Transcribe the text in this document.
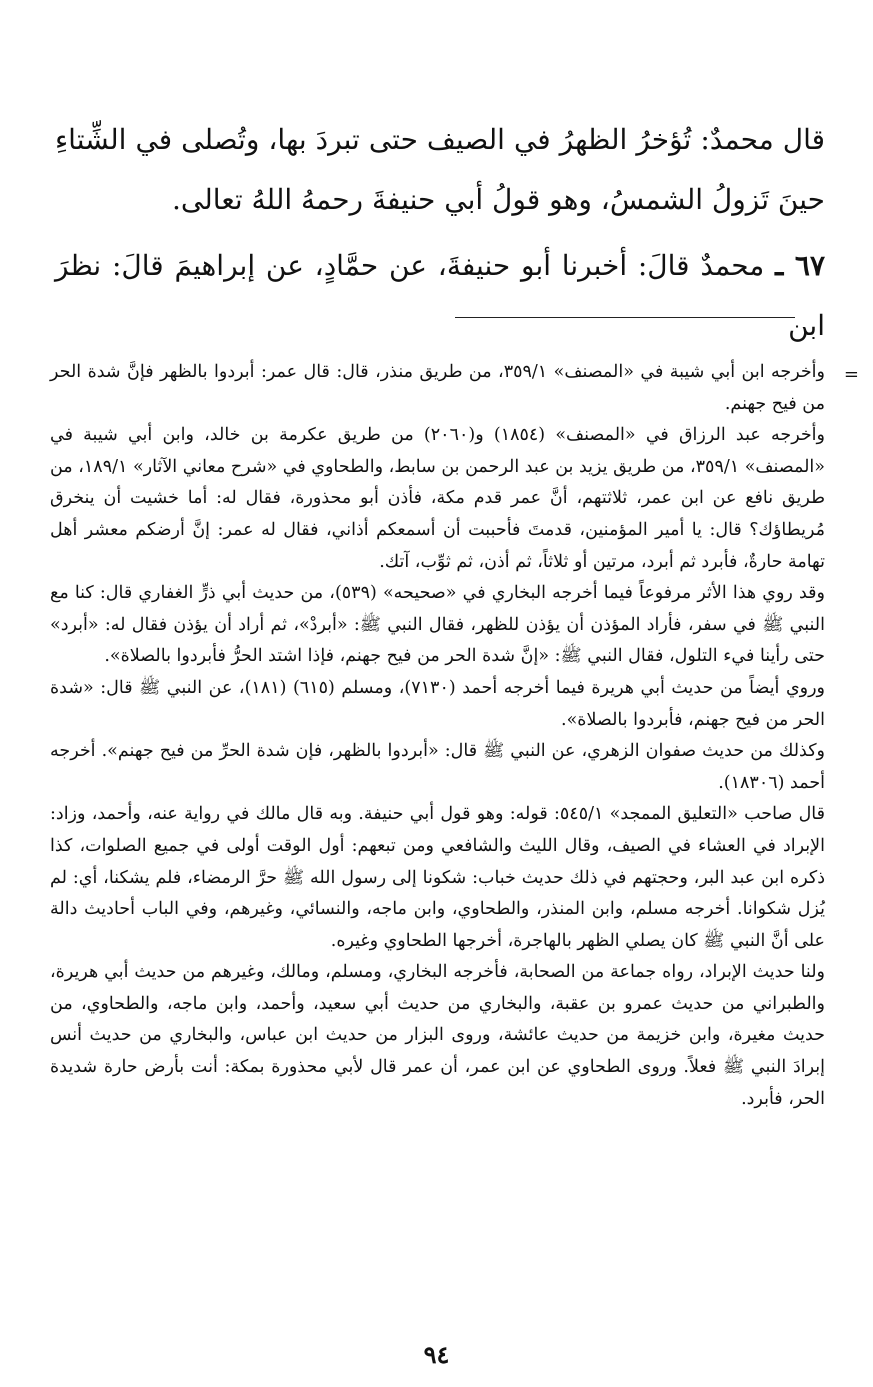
قال محمدٌ: تُؤخرُ الظهرُ في الصيف حتى تبردَ بها، وتُصلى في الشِّتاءِ حينَ تَزولُ الشمسُ، وهو قولُ أبي حنيفةَ رحمهُ اللهُ تعالى.

٦٧ ـ محمدٌ قالَ: أخبرنا أبو حنيفةَ، عن حمَّادٍ، عن إبراهيمَ قالَ: نظرَ ابن

=

وأخرجه ابن أبي شيبة في «المصنف» ٣٥٩/١، من طريق منذر، قال: قال عمر: أبردوا بالظهر فإنَّ شدة الحر من فيح جهنم.

وأخرجه عبد الرزاق في «المصنف» (١٨٥٤) و(٢٠٦٠) من طريق عكرمة بن خالد، وابن أبي شيبة في «المصنف» ٣٥٩/١، من طريق يزيد بن عبد الرحمن بن سابط، والطحاوي في «شرح معاني الآثار» ١٨٩/١، من طريق نافع عن ابن عمر، ثلاثتهم، أنَّ عمر قدم مكة، فأذن أبو محذورة، فقال له: أما خشيت أن ينخرق مُريطاؤك؟ قال: يا أمير المؤمنين، قدمتَ فأحببت أن أسمعكم أذاني، فقال له عمر: إنَّ أرضكم معشر أهل تهامة حارةٌ، فأبرد ثم أبرد، مرتين أو ثلاثاً، ثم أذن، ثم ثوِّب، آتك.

وقد روي هذا الأثر مرفوعاً فيما أخرجه البخاري في «صحيحه» (٥٣٩)، من حديث أبي ذرٍّ الغفاري قال: كنا مع النبي ﷺ في سفر، فأراد المؤذن أن يؤذن للظهر، فقال النبي ﷺ: «أبردْ»، ثم أراد أن يؤذن فقال له: «أبرد» حتى رأينا فيء التلول، فقال النبي ﷺ: «إنَّ شدة الحر من فيح جهنم، فإذا اشتد الحرُّ فأبردوا بالصلاة».

وروي أيضاً من حديث أبي هريرة فيما أخرجه أحمد (٧١٣٠)، ومسلم (٦١٥) (١٨١)، عن النبي ﷺ قال: «شدة الحر من فيح جهنم، فأبردوا بالصلاة».

وكذلك من حديث صفوان الزهري، عن النبي ﷺ قال: «أبردوا بالظهر، فإن شدة الحرِّ من فيح جهنم». أخرجه أحمد (١٨٣٠٦).

قال صاحب «التعليق الممجد» ٥٤٥/١: قوله: وهو قول أبي حنيفة. وبه قال مالك في رواية عنه، وأحمد، وزاد: الإبراد في العشاء في الصيف، وقال الليث والشافعي ومن تبعهم: أول الوقت أولى في جميع الصلوات، كذا ذكره ابن عبد البر، وحجتهم في ذلك حديث خباب: شكونا إلى رسول الله ﷺ حرَّ الرمضاء، فلم يشكنا، أي: لم يُزل شكوانا. أخرجه مسلم، وابن المنذر، والطحاوي، وابن ماجه، والنسائي، وغيرهم، وفي الباب أحاديث دالة على أنَّ النبي ﷺ كان يصلي الظهر بالهاجرة، أخرجها الطحاوي وغيره.

ولنا حديث الإبراد، رواه جماعة من الصحابة، فأخرجه البخاري، ومسلم، ومالك، وغيرهم من حديث أبي هريرة، والطبراني من حديث عمرو بن عقبة، والبخاري من حديث أبي سعيد، وأحمد، وابن ماجه، والطحاوي، من حديث مغيرة، وابن خزيمة من حديث عائشة، وروى البزار من حديث ابن عباس، والبخاري من حديث أنس إبرادَ النبي ﷺ فعلاً. وروى الطحاوي عن ابن عمر، أن عمر قال لأبي محذورة بمكة: أنت بأرض حارة شديدة الحر، فأبرد.

٩٤
